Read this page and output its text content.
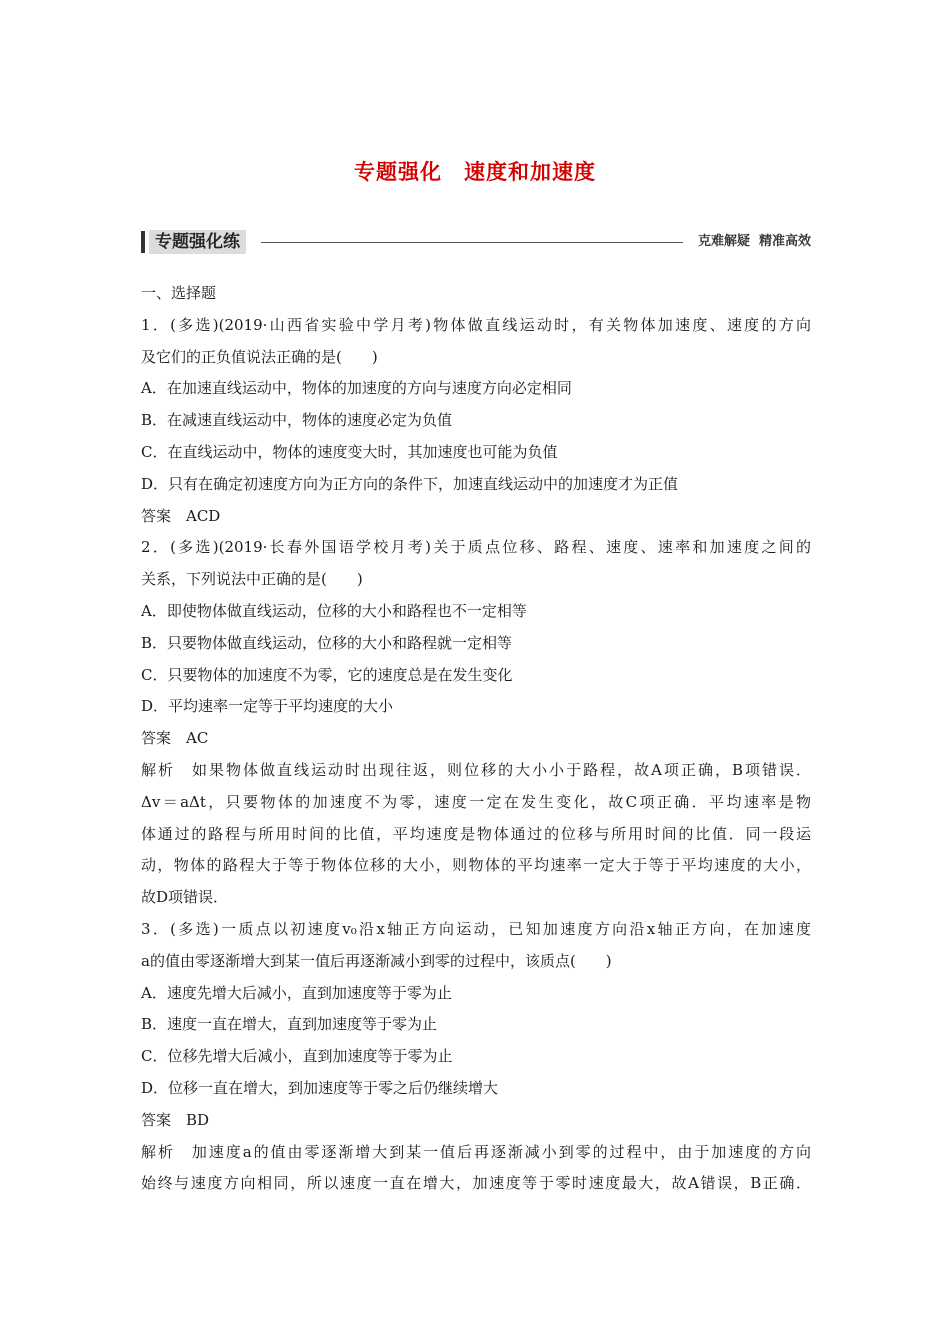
专题强化　速度和加速度
专题强化练	克难解疑  精准高效
一、选择题
1．(多选)(2019·山西省实验中学月考)物体做直线运动时，有关物体加速度、速度的方向
及它们的正负值说法正确的是(　　)
A．在加速直线运动中，物体的加速度的方向与速度方向必定相同
B．在减速直线运动中，物体的速度必定为负值
C．在直线运动中，物体的速度变大时，其加速度也可能为负值
D．只有在确定初速度方向为正方向的条件下，加速直线运动中的加速度才为正值
答案　ACD
2．(多选)(2019·长春外国语学校月考)关于质点位移、路程、速度、速率和加速度之间的
关系，下列说法中正确的是(　　)
A．即使物体做直线运动，位移的大小和路程也不一定相等
B．只要物体做直线运动，位移的大小和路程就一定相等
C．只要物体的加速度不为零，它的速度总是在发生变化
D．平均速率一定等于平均速度的大小
答案　AC
解析　如果物体做直线运动时出现往返，则位移的大小小于路程，故A项正确，B项错误．
Δv＝aΔt，只要物体的加速度不为零，速度一定在发生变化，故C项正确．平均速率是物
体通过的路程与所用时间的比值，平均速度是物体通过的位移与所用时间的比值．同一段运
动，物体的路程大于等于物体位移的大小，则物体的平均速率一定大于等于平均速度的大小，
故D项错误．
3．(多选)一质点以初速度v₀沿x轴正方向运动，已知加速度方向沿x轴正方向，在加速度
a的值由零逐渐增大到某一值后再逐渐减小到零的过程中，该质点(　　)
A．速度先增大后减小，直到加速度等于零为止
B．速度一直在增大，直到加速度等于零为止
C．位移先增大后减小，直到加速度等于零为止
D．位移一直在增大，到加速度等于零之后仍继续增大
答案　BD
解析　加速度a的值由零逐渐增大到某一值后再逐渐减小到零的过程中，由于加速度的方向
始终与速度方向相同，所以速度一直在增大，加速度等于零时速度最大，故A错误，B正确．
